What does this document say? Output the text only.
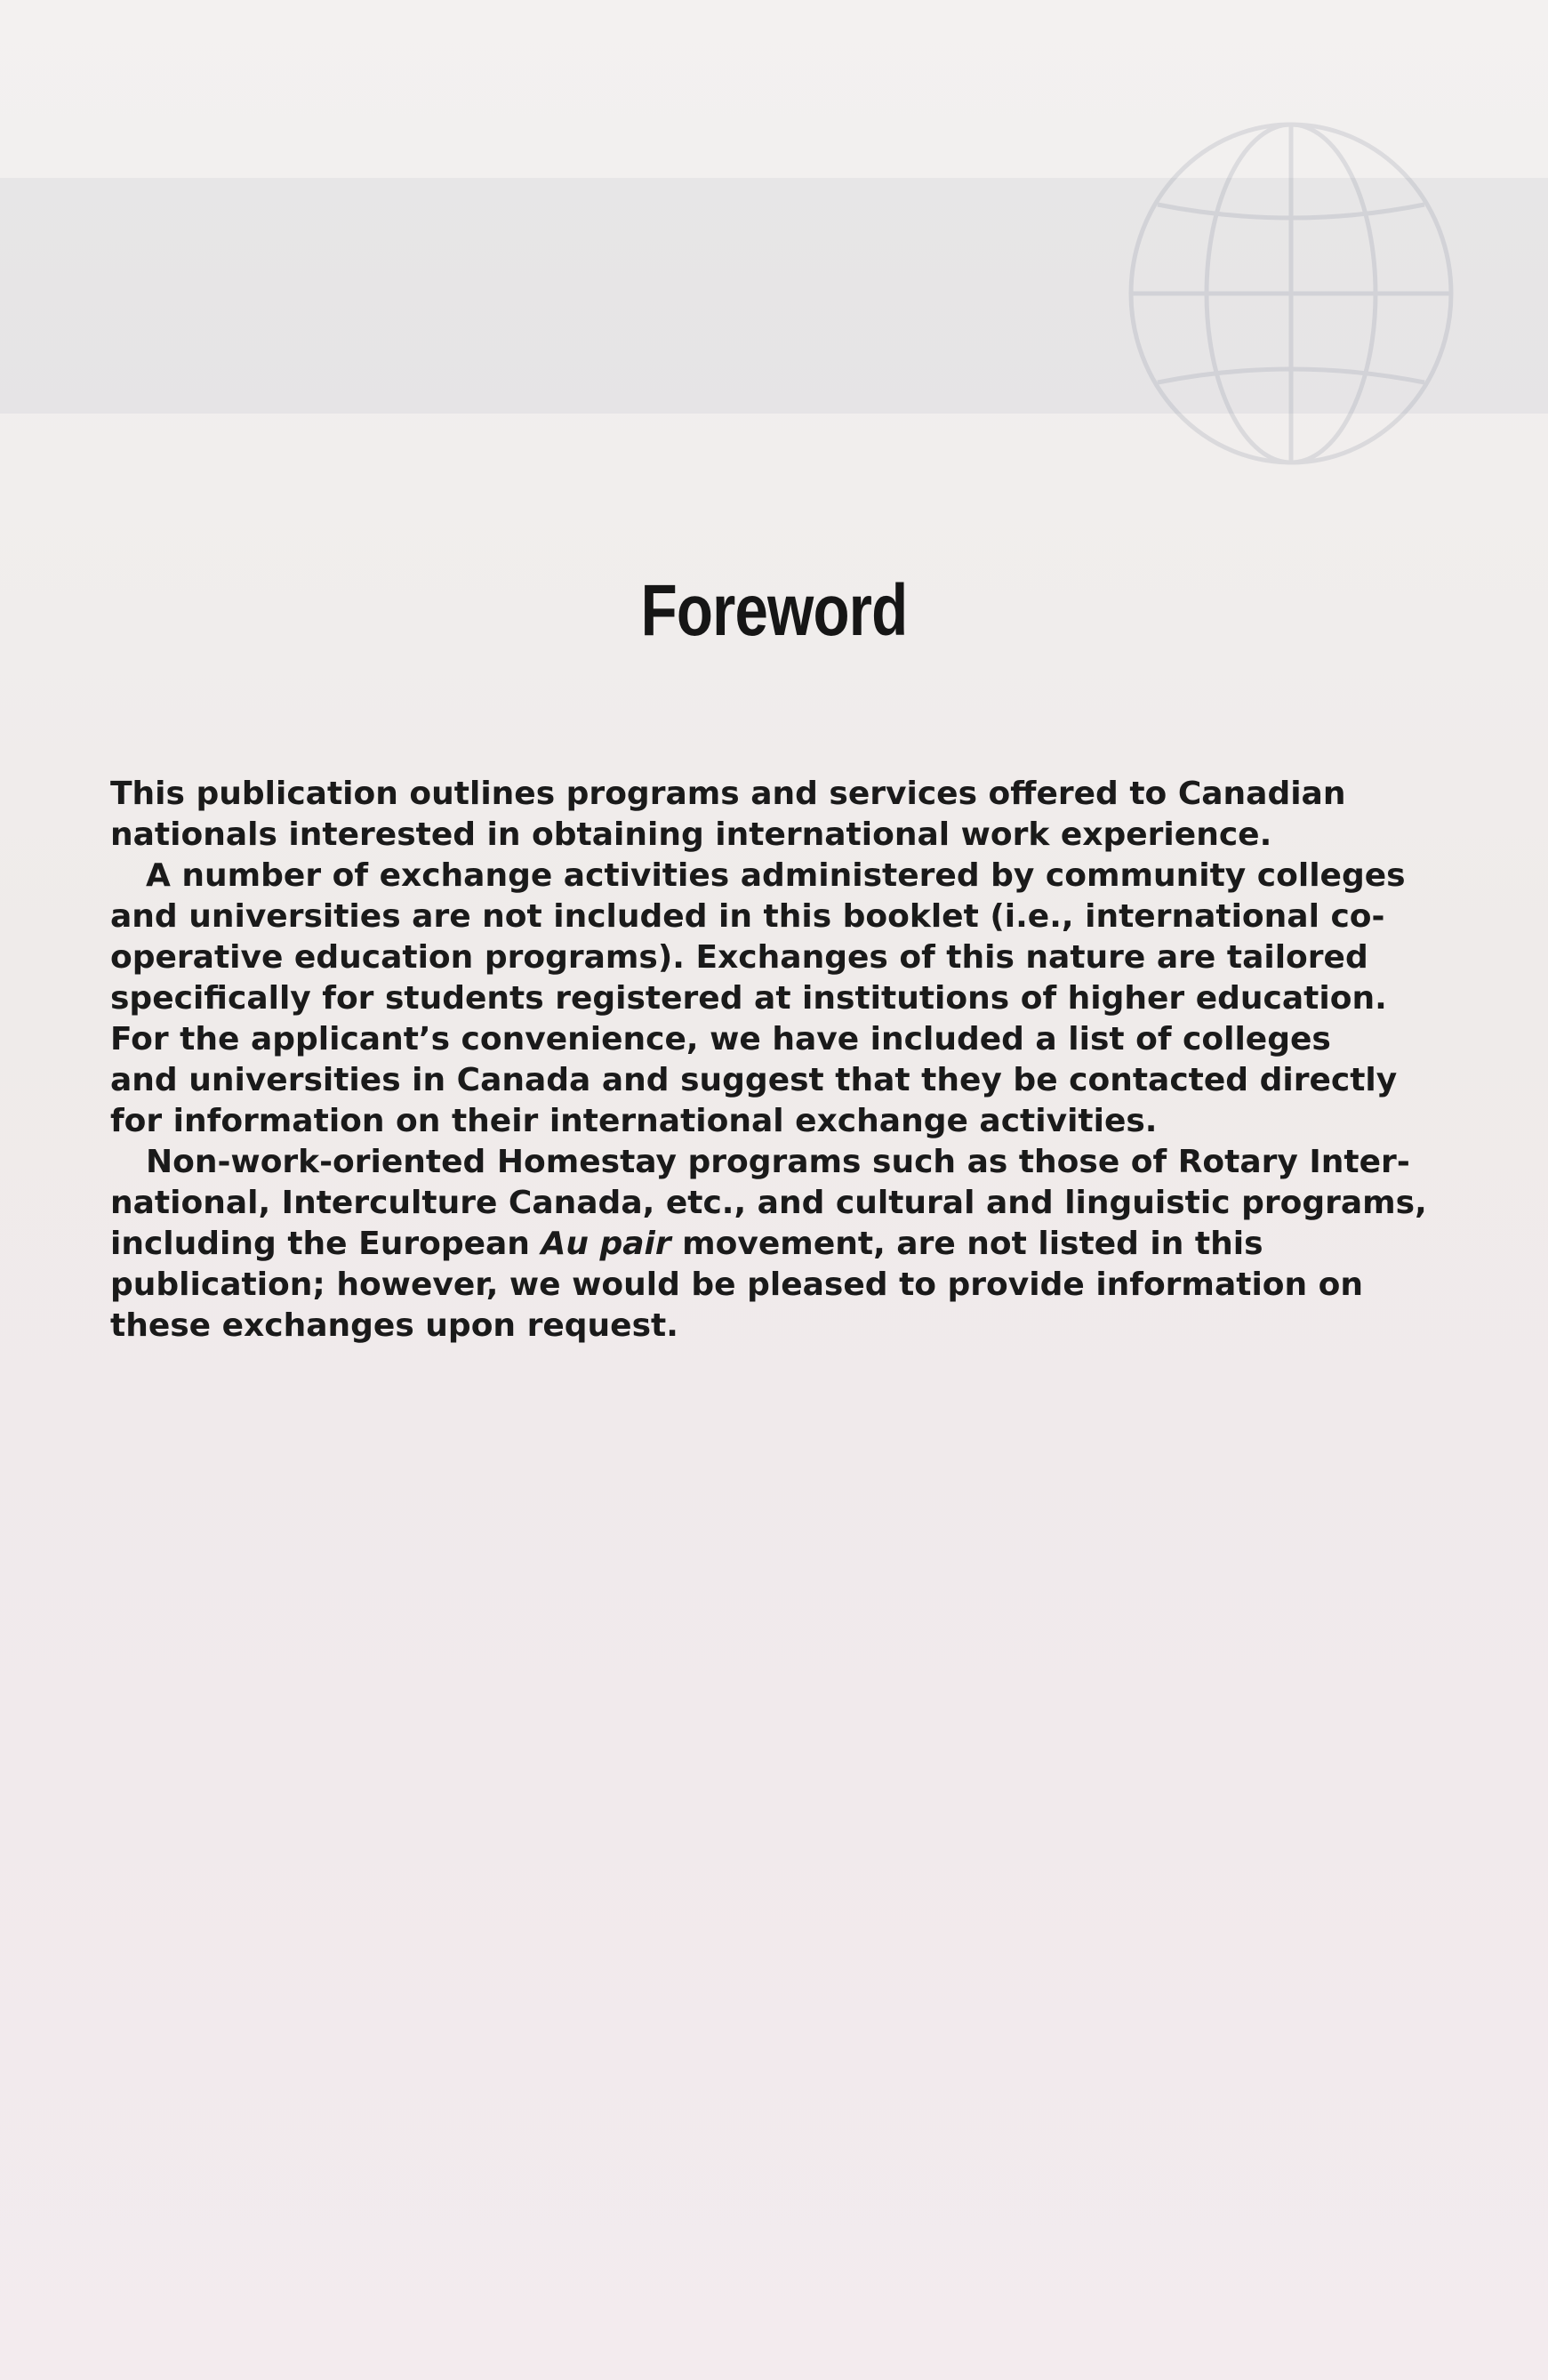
Foreword

This publication outlines programs and services offered to Canadian
nationals interested in obtaining international work experience.

A number of exchange activities administered by community colleges
and universities are not included in this booklet (i.e., international co-
operative education programs). Exchanges of this nature are tailored
specifically for students registered at institutions of higher education.
For the applicant’s convenience, we have included a list of colleges
and universities in Canada and suggest that they be contacted directly
for information on their international exchange activities.

Non-work-oriented Homestay programs such as those of Rotary Inter-
national, Interculture Canada, etc., and cultural and linguistic programs,
including the European Au pair movement, are not listed in this
publication; however, we would be pleased to provide information on
these exchanges upon request.
